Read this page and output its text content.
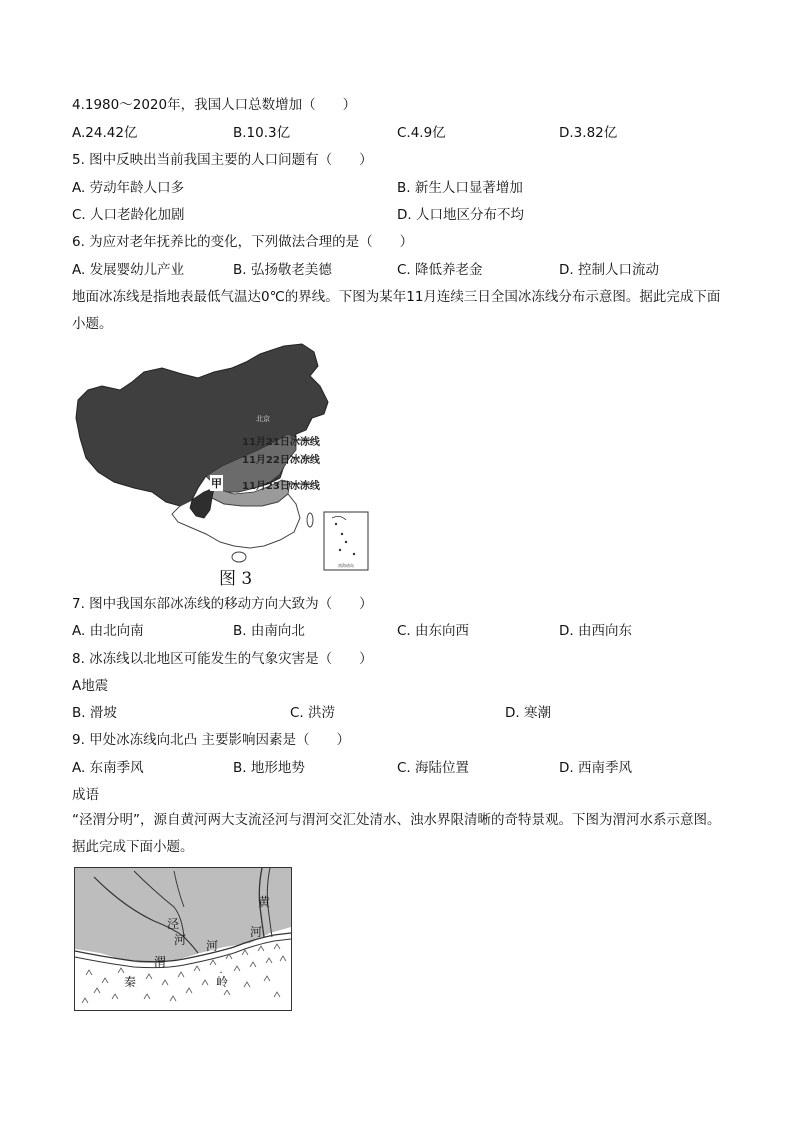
4.1980～2020年，我国人口总数增加（　　）
A.24.42亿	B.10.3亿	C.4.9亿	D.3.82亿
5. 图中反映出当前我国主要的人口问题有（　　）
A. 劳动年龄人口多	B. 新生人口显著增加
C. 人口老龄化加剧	D. 人口地区分布不均
6. 为应对老年抚养比的变化，下列做法合理的是（　　）
A. 发展婴幼儿产业	B. 弘扬敬老美德	C. 降低养老金	D. 控制人口流动
地面冰冻线是指地表最低气温达0℃的界线。下图为某年11月连续三日全国冰冻线分布示意图。据此完成下面小题。
11月21日冰冻线
11月22日冰冻线
11月23日冰冻线
甲
北京
南海诸岛
图 3
7. 图中我国东部冰冻线的移动方向大致为（　　）
A. 由北向南	B. 由南向北	C. 由东向西	D. 由西向东
8. 冰冻线以北地区可能发生的气象灾害是（　　）
A地震
B. 滑坡	C. 洪涝	D. 寒潮
9. 甲处冰冻线向北凸 主要影响因素是（　　）
A. 东南季风	B. 地形地势	C. 海陆位置	D. 西南季风
成语
“泾渭分明”，源自黄河两大支流泾河与渭河交汇处清水、浊水界限清晰的奇特景观。下图为渭河水系示意图。据此完成下面小题。
泾
河 河
渭
黄
河
秦	岭
